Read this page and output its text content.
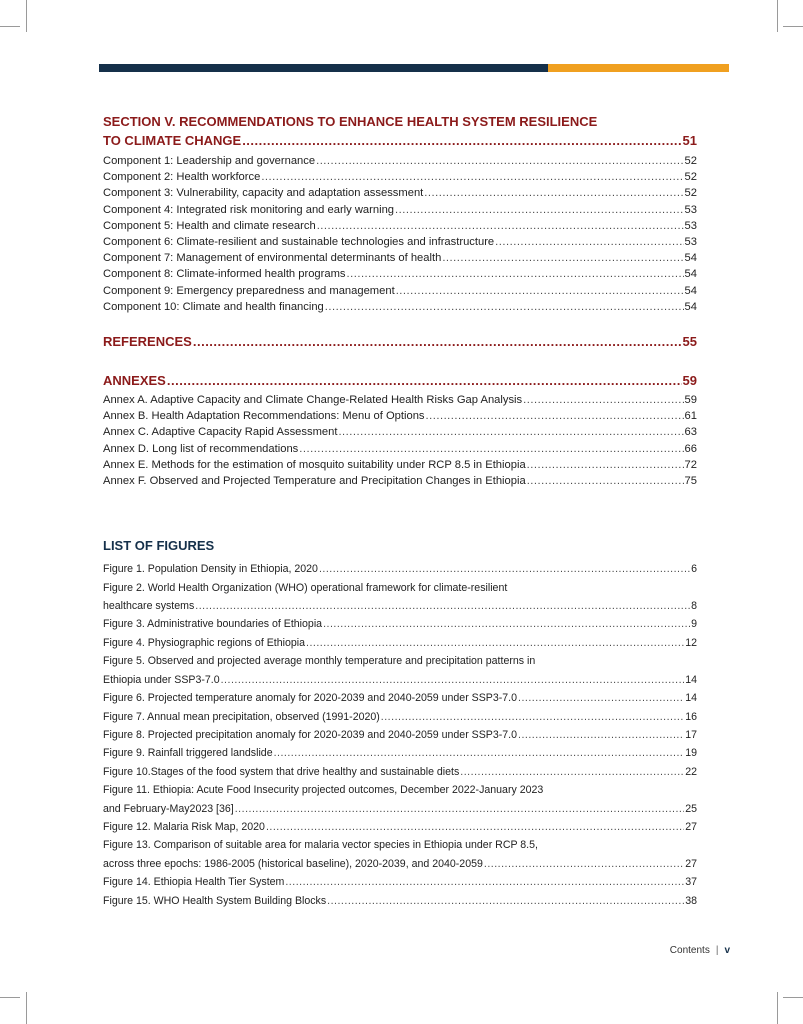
SECTION V. RECOMMENDATIONS TO ENHANCE HEALTH SYSTEM RESILIENCE
TO CLIMATE CHANGE .....	51
Component 1: Leadership and governance .....	52
Component 2: Health workforce .....	52
Component 3: Vulnerability, capacity and adaptation assessment .....	52
Component 4: Integrated risk monitoring and early warning .....	53
Component 5: Health and climate research .....	53
Component 6: Climate-resilient and sustainable technologies and infrastructure .....	53
Component 7: Management of environmental determinants of health .....	54
Component 8: Climate-informed health programs .....	54
Component 9: Emergency preparedness and management .....	54
Component 10: Climate and health financing .....	54
REFERENCES .....	55
ANNEXES .....	59
Annex A. Adaptive Capacity and Climate Change-Related Health Risks Gap Analysis .....	59
Annex B. Health Adaptation Recommendations: Menu of Options .....	61
Annex C. Adaptive Capacity Rapid Assessment .....	63
Annex D. Long list of recommendations .....	66
Annex E. Methods for the estimation of mosquito suitability under RCP 8.5 in Ethiopia .....	72
Annex F. Observed and Projected Temperature and Precipitation Changes in Ethiopia .....	75
LIST OF FIGURES
Figure 1. Population Density in Ethiopia, 2020 .....	6
Figure 2. World Health Organization (WHO) operational framework for climate-resilient
healthcare systems .....	8
Figure 3. Administrative boundaries of Ethiopia .....	9
Figure 4. Physiographic regions of Ethiopia .....	12
Figure 5. Observed and projected average monthly temperature and precipitation patterns in
Ethiopia under SSP3-7.0 .....	14
Figure 6. Projected temperature anomaly for 2020-2039 and 2040-2059 under SSP3-7.0 .....	14
Figure 7. Annual mean precipitation, observed (1991-2020) .....	16
Figure 8. Projected precipitation anomaly for 2020-2039 and 2040-2059 under SSP3-7.0 .....	17
Figure 9. Rainfall triggered landslide .....	19
Figure 10.Stages of the food system that drive healthy and sustainable diets .....	22
Figure 11. Ethiopia: Acute Food Insecurity projected outcomes, December 2022-January 2023
and February-May2023 [36] .....	25
Figure 12. Malaria Risk Map, 2020 .....	27
Figure 13. Comparison of suitable area for malaria vector species in Ethiopia under RCP 8.5,
across three epochs: 1986-2005 (historical baseline), 2020-2039, and 2040-2059 .....	27
Figure 14. Ethiopia Health Tier System .....	37
Figure 15. WHO Health System Building Blocks .....	38
Contents | v
